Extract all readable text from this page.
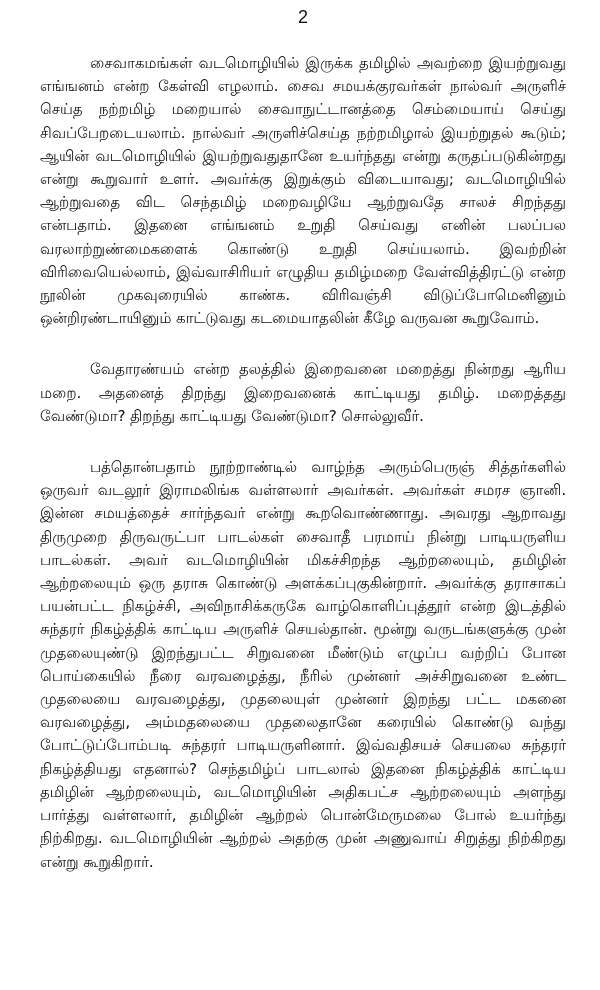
2

சைவாகமங்கள் வடமொழியில் இருக்க தமிழில் அவற்றை இயற்றுவது எங்ஙனம் என்ற கேள்வி எழலாம். சைவ சமயக்குரவர்கள் நால்வர் அருளிச் செய்த நற்றமிழ் மறையால் சைவாநுட்டானத்தை செம்மையாய் செய்து சிவப்பேறடையலாம். நால்வர் அருளிச்செய்த நற்றமிழால் இயற்றுதல் கூடும்; ஆயின் வடமொழியில் இயற்றுவதுதானே உயர்ந்தது என்று கருதப்படுகின்றது என்று கூறுவார் உளர். அவர்க்கு இறுக்கும் விடையாவது; வடமொழியில் ஆற்றுவதை விட செந்தமிழ் மறைவழியே ஆற்றுவதே சாலச் சிறந்தது என்பதாம். இதனை எங்ஙனம் உறுதி செய்வது எனின் பலப்பல வரலாற்றுண்மைகளைக் கொண்டு உறுதி செய்யலாம். இவற்றின் விரிவையெல்லாம், இவ்வாசிரியர் எழுதிய தமிழ்மறை வேள்வித்திரட்டு என்ற நூலின் முகவுரையில் காண்க. விரிவஞ்சி விடுப்போமெனினும் ஒன்றிரண்டாயினும் காட்டுவது கடமையாதலின் கீழே வருவன கூறுவோம்.

வேதாரண்யம் என்ற தலத்தில் இறைவனை மறைத்து நின்றது ஆரிய மறை. அதனைத் திறந்து இறைவனைக் காட்டியது தமிழ். மறைத்தது வேண்டுமா? திறந்து காட்டியது வேண்டுமா? சொல்லுவீர்.

பத்தொன்பதாம் நூற்றாண்டில் வாழ்ந்த அரும்பெருஞ் சித்தர்களில் ஒருவர் வடலூர் இராமலிங்க வள்ளலார் அவர்கள். அவர்கள் சமரச ஞானி. இன்ன சமயத்தைச் சார்ந்தவர் என்று கூறவொண்ணாது. அவரது ஆறாவது திருமுறை திருவருட்பா பாடல்கள் சைவாதீ பரமாய் நின்று பாடியருளிய பாடல்கள். அவர் வடமொழியின் மிகச்சிறந்த ஆற்றலையும், தமிழின் ஆற்றலையும் ஒரு தராசு கொண்டு அளக்கப்புகுகின்றார். அவர்க்கு தராசாகப் பயன்பட்ட நிகழ்ச்சி, அவிநாசிக்கருகே வாழ்கொளிப்புத்தூர் என்ற இடத்தில் சுந்தரர் நிகழ்த்திக் காட்டிய அருளிச் செயல்தான். மூன்று வருடங்களுக்கு முன் முதலையுண்டு இறந்துபட்ட சிறுவனை மீண்டும் எழுப்ப வற்றிப் போன பொய்கையில் நீரை வரவழைத்து, நீரில் முன்னர் அச்சிறுவனை உண்ட முதலையை வரவழைத்து, முதலையுள் முன்னர் இறந்து பட்ட மகனை வரவழைத்து, அம்மதலையை முதலைதானே கரையில் கொண்டு வந்து போட்டுப்போம்படி சுந்தரர் பாடியருளினார். இவ்வதிசயச் செயலை சுந்தரர் நிகழ்த்தியது எதனால்? செந்தமிழ்ப் பாடலால் இதனை நிகழ்த்திக் காட்டிய தமிழின் ஆற்றலையும், வடமொழியின் அதிகபட்ச ஆற்றலையும் அளந்து பார்த்து வள்ளலார், தமிழின் ஆற்றல் பொன்மேருமலை போல் உயர்ந்து நிற்கிறது. வடமொழியின் ஆற்றல் அதற்கு முன் அணுவாய் சிறுத்து நிற்கிறது என்று கூறுகிறார்.
